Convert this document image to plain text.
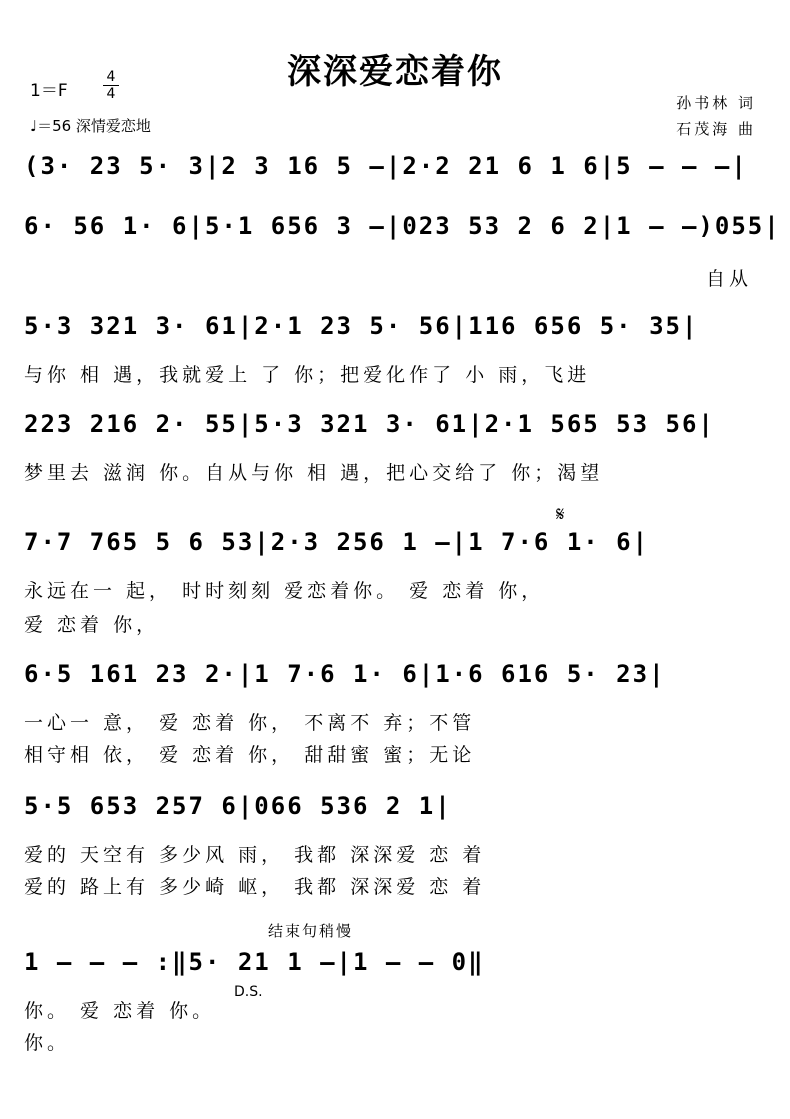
深深爱恋着你
1＝F
4
4
♩＝56 深情爱恋地
孙书林 词
石茂海 曲
(3· 23 5· 3|2 3 16 5 –|2·2 21 6 1 6|5 – – –|
6· 56 1· 6|5·1 656 3 –|023 53 2 6 2|1 – –)055|
自从
5·3 321 3· 61|2·1 23 5· 56|116 656 5· 35|
与你 相 遇，我就爱上 了 你；把爱化作了 小 雨，飞进
223 216 2· 55|5·3 321 3· 61|2·1 565 53 56|
梦里去 滋润 你。自从与你 相 遇，把心交给了 你；渴望
𝄋
7·7 765 5 6 53|2·3 256 1 –|1 7·6 1· 6|
永远在一 起， 时时刻刻 爱恋着你。 爱 恋着 你，
爱 恋着 你，
6·5 161 23 2·|1 7·6 1· 6|1·6 616 5· 23|
一心一 意， 爱 恋着 你， 不离不 弃；不管
相守相 依， 爱 恋着 你， 甜甜蜜 蜜；无论
5·5 653 257 6|066 536 2 1|
爱的 天空有 多少风 雨， 我都 深深爱 恋 着
爱的 路上有 多少崎 岖， 我都 深深爱 恋 着
结束句稍慢
1 – – – :‖5· 21 1 –|1 – – 0‖
D.S.
你。 爱 恋着 你。
你。
